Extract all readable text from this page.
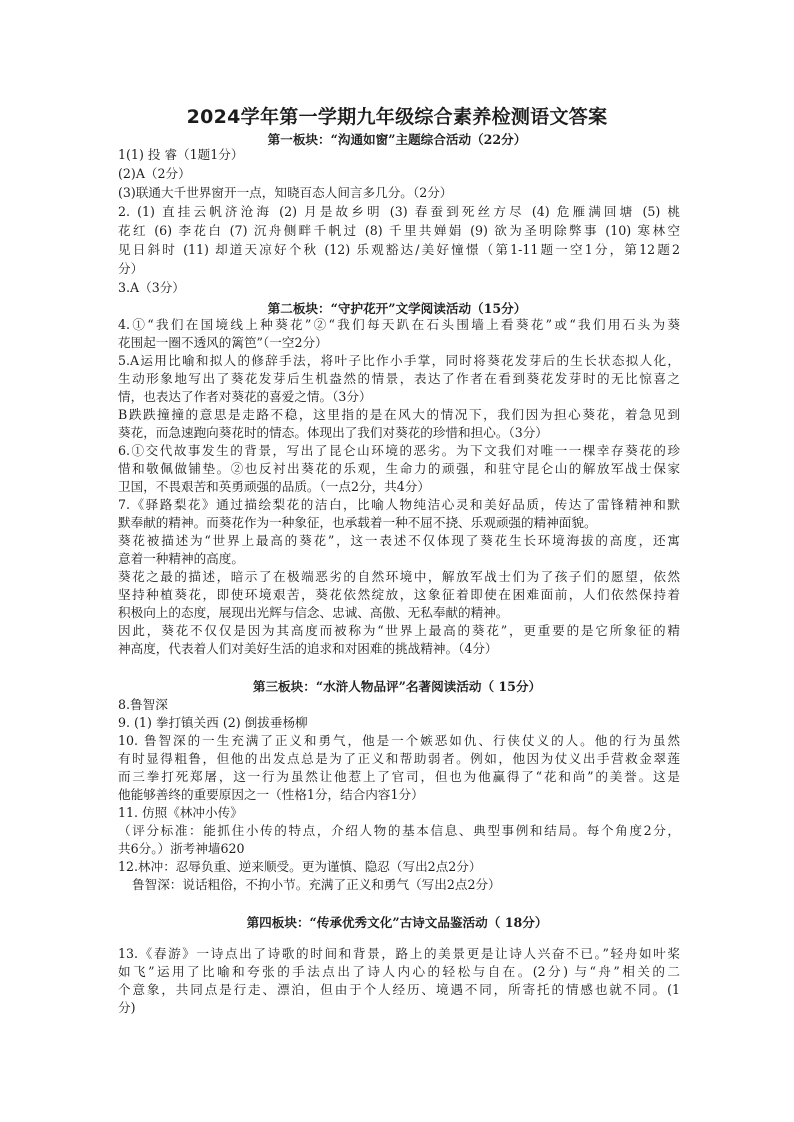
2024学年第一学期九年级综合素养检测语文答案
第一板块：“沟通如窗”主题综合活动（22分）
1(1) 投 睿（1题1分）
(2)A（2分）
(3)联通大千世界窗开一点，知晓百态人间言多几分。（2分）
2. (1) 直挂云帆济沧海 (2) 月是故乡明 (3) 春蚕到死丝方尽 (4) 危雁满回塘 (5) 桃
花红 (6) 李花白 (7) 沉舟侧畔千帆过 (8) 千里共婵娟 (9) 欲为圣明除弊事 (10) 寒林空
见日斜时 (11) 却道天凉好个秋 (12) 乐观豁达/美好憧憬（第1-11题一空1分，第12题2
分）
3.A（3分）
第二板块：“守护花开”文学阅读活动（15分）
4.①“我们在国境线上种葵花”②“我们每天趴在石头围墙上看葵花”或“我们用石头为葵
花围起一圈不透风的篱笆”（一空2分）
5.A运用比喻和拟人的修辞手法，将叶子比作小手掌，同时将葵花发芽后的生长状态拟人化，
生动形象地写出了葵花发芽后生机盎然的情景，表达了作者在看到葵花发芽时的无比惊喜之
情，也表达了作者对葵花的喜爱之情。（3分）
B跌跌撞撞的意思是走路不稳，这里指的是在风大的情况下，我们因为担心葵花，着急见到
葵花，而急速跑向葵花时的情态。体现出了我们对葵花的珍惜和担心。（3分）
6.①交代故事发生的背景，写出了昆仑山环境的恶劣。为下文我们对唯一一棵幸存葵花的珍
惜和敬佩做铺垫。②也反衬出葵花的乐观，生命力的顽强，和驻守昆仑山的解放军战士保家
卫国，不畏艰苦和英勇顽强的品质。（一点2分，共4分）
7.《驿路梨花》通过描绘梨花的洁白，比喻人物纯洁心灵和美好品质，传达了雷锋精神和默
默奉献的精神。而葵花作为一种象征，也承载着一种不屈不挠、乐观顽强的精神面貌。
葵花被描述为“世界上最高的葵花”，这一表述不仅体现了葵花生长环境海拔的高度，还寓
意着一种精神的高度。
葵花之最的描述，暗示了在极端恶劣的自然环境中，解放军战士们为了孩子们的愿望，依然
坚持种植葵花，即使环境艰苦，葵花依然绽放，这象征着即使在困难面前，人们依然保持着
积极向上的态度，展现出光辉与信念、忠诚、高傲、无私奉献的精神。
因此，葵花不仅仅是因为其高度而被称为“世界上最高的葵花”，更重要的是它所象征的精
神高度，代表着人们对美好生活的追求和对困难的挑战精神。（4分）
第三板块：“水浒人物品评”名著阅读活动（ 15分）
8.鲁智深
9. (1) 拳打镇关西 (2) 倒拔垂杨柳
10. 鲁智深的一生充满了正义和勇气，他是一个嫉恶如仇、行侠仗义的人。他的行为虽然
有时显得粗鲁，但他的出发点总是为了正义和帮助弱者。例如，他因为仗义出手营救金翠莲
而三拳打死郑屠，这一行为虽然让他惹上了官司，但也为他赢得了“花和尚”的美誉。这是
他能够善终的重要原因之一（性格1分，结合内容1分）
11. 仿照《林冲小传》
（评分标准：能抓住小传的特点，介绍人物的基本信息、典型事例和结局。每个角度2分，
共6分。）浙考神墙620
12.林冲：忍辱负重、逆来顺受。更为谨慎、隐忍（写出2点2分）
鲁智深：说话粗俗，不拘小节。充满了正义和勇气（写出2点2分）
第四板块：“传承优秀文化”古诗文品鉴活动（ 18分）
13.《春游》一诗点出了诗歌的时间和背景，路上的美景更是让诗人兴奋不已。”轻舟如叶桨
如飞”运用了比喻和夸张的手法点出了诗人内心的轻松与自在。(2分) 与“舟”相关的二
个意象，共同点是行走、漂泊，但由于个人经历、境遇不同，所寄托的情感也就不同。(1
分)
